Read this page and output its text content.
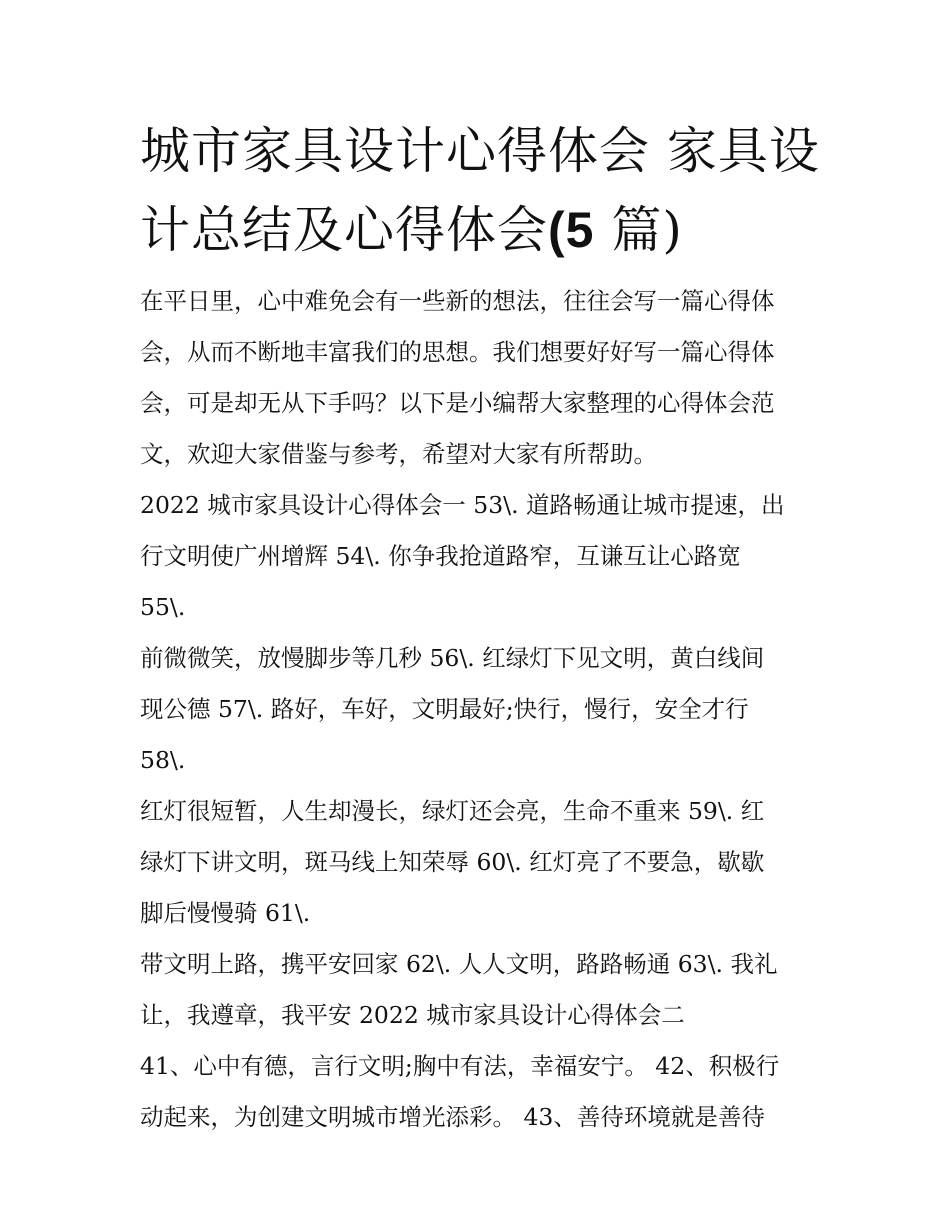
城市家具设计心得体会 家具设
计总结及心得体会(5 篇)

在平日里，心中难免会有一些新的想法，往往会写一篇心得体
会，从而不断地丰富我们的思想。我们想要好好写一篇心得体
会，可是却无从下手吗？以下是小编帮大家整理的心得体会范
文，欢迎大家借鉴与参考，希望对大家有所帮助。

2022 城市家具设计心得体会一 53\. 道路畅通让城市提速，出
行文明使广州增辉 54\. 你争我抢道路窄，互谦互让心路宽
55\.

前微微笑，放慢脚步等几秒 56\. 红绿灯下见文明，黄白线间
现公德 57\. 路好，车好，文明最好;快行，慢行，安全才行
58\.

红灯很短暂，人生却漫长，绿灯还会亮，生命不重来 59\. 红
绿灯下讲文明，斑马线上知荣辱 60\. 红灯亮了不要急，歇歇
脚后慢慢骑 61\.

带文明上路，携平安回家 62\. 人人文明，路路畅通 63\. 我礼
让，我遵章，我平安 2022 城市家具设计心得体会二

41、心中有德，言行文明;胸中有法，幸福安宁。 42、积极行
动起来，为创建文明城市增光添彩。 43、善待环境就是善待
